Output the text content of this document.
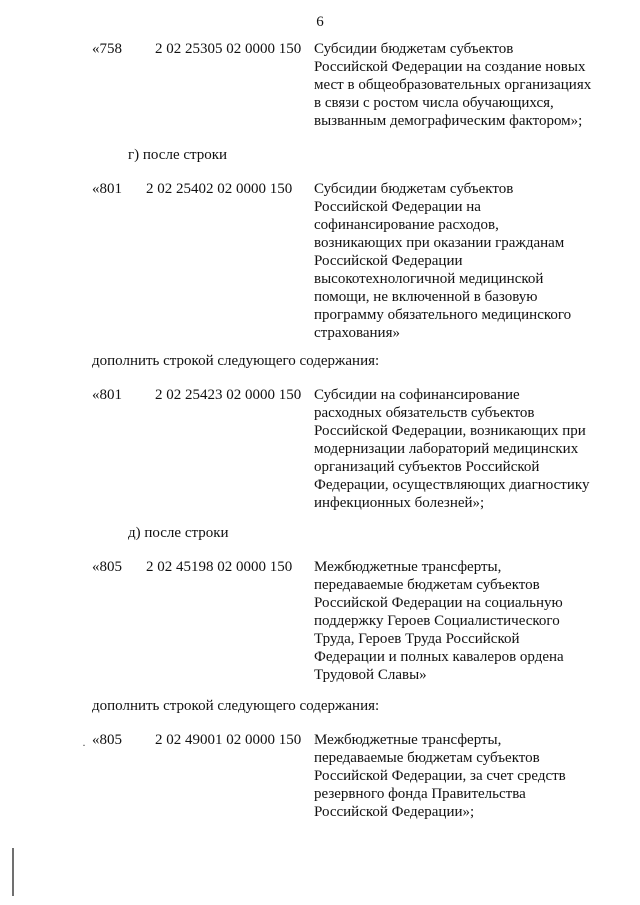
6
«758 2 02 25305 02 0000 150 Субсидии бюджетам субъектов
Российской Федерации на создание новых
мест в общеобразовательных организациях
в связи с ростом числа обучающихся,
вызванным демографическим фактором»;
г) после строки
«801 2 02 25402 02 0000 150 Субсидии бюджетам субъектов
Российской Федерации на
софинансирование расходов,
возникающих при оказании гражданам
Российской Федерации
высокотехнологичной медицинской
помощи, не включенной в базовую
программу обязательного медицинского
страхования»
дополнить строкой следующего содержания:
«801 2 02 25423 02 0000 150 Субсидии на софинансирование
расходных обязательств субъектов
Российской Федерации, возникающих при
модернизации лабораторий медицинских
организаций субъектов Российской
Федерации, осуществляющих диагностику
инфекционных болезней»;
д) после строки
«805 2 02 45198 02 0000 150 Межбюджетные трансферты,
передаваемые бюджетам субъектов
Российской Федерации на социальную
поддержку Героев Социалистического
Труда, Героев Труда Российской
Федерации и полных кавалеров ордена
Трудовой Славы»
дополнить строкой следующего содержания:
«805 2 02 49001 02 0000 150 Межбюджетные трансферты,
передаваемые бюджетам субъектов
Российской Федерации, за счет средств
резервного фонда Правительства
Российской Федерации»;
·
